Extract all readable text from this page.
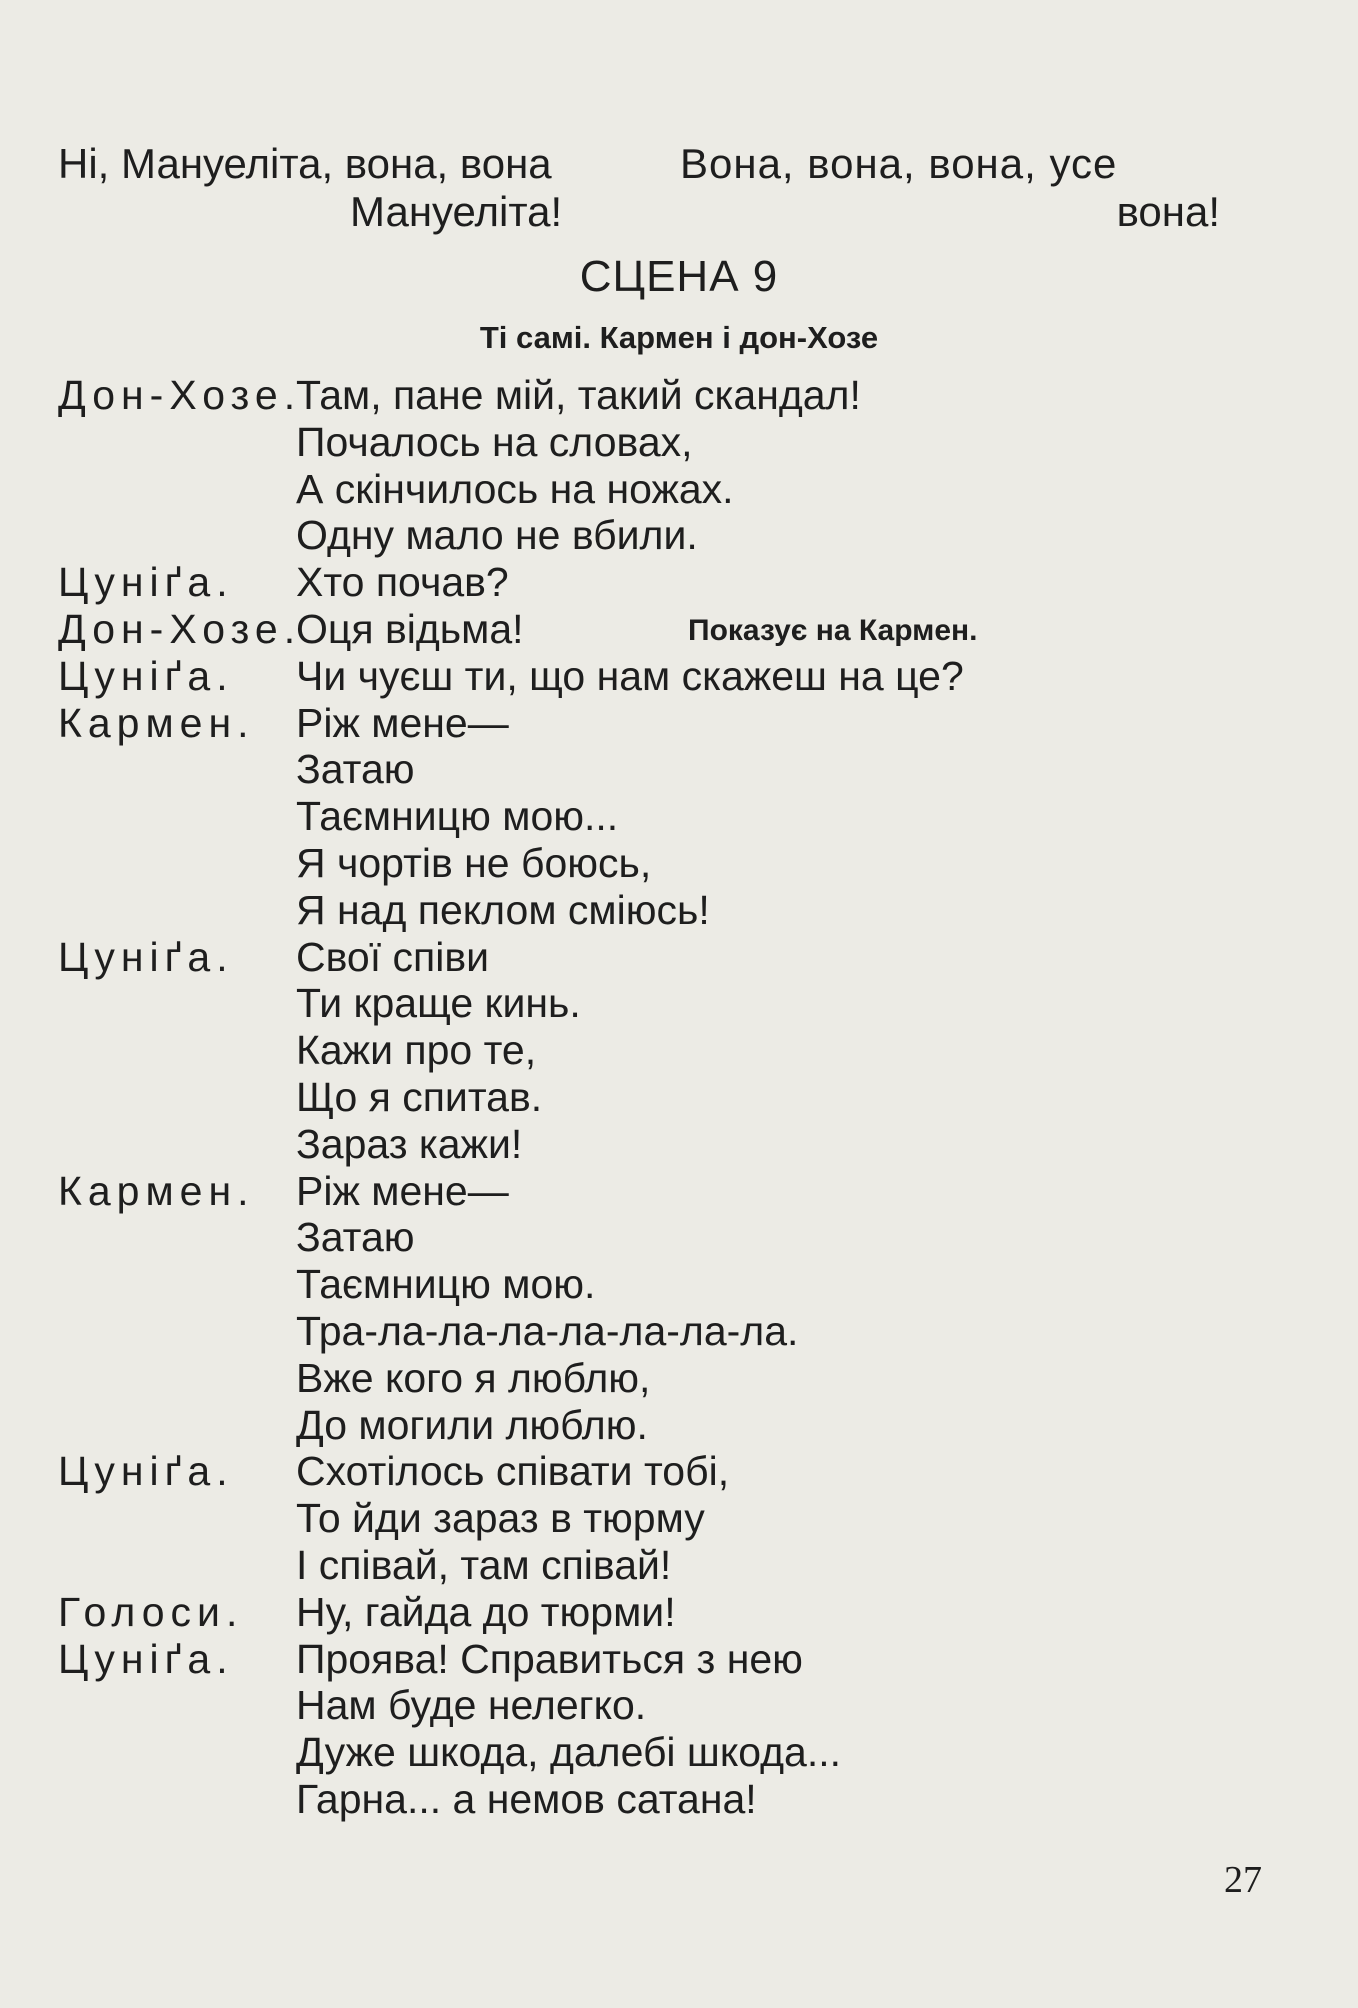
Ні, Мануеліта, вона, вона
Мануеліта!
Вона, вона, вона, усе
вона!
СЦЕНА 9
Ті самі. Кармен і дон-Хозе
Дон-Хозе.
Там, пане мій, такий скандал!
Почалось на словах,
А скінчилось на ножах.
Одну мало не вбили.
Цуніґа. Хто почав?
Дон-Хозе.
Оця відьма!	Показує на Кармен.
Цуніґа. Чи чуєш ти, що нам скажеш на це?
Кармен. Ріж мене—
Затаю
Таємницю мою...
Я чортів не боюсь,
Я над пеклом сміюсь!
Цуніґа. Свої співи
Ти краще кинь.
Кажи про те,
Що я спитав.
Зараз кажи!
Кармен. Ріж мене—
Затаю
Таємницю мою.
Тра-ла-ла-ла-ла-ла-ла-ла.
Вже кого я люблю,
До могили люблю.
Цуніґа. Схотілось співати тобі,
То йди зараз в тюрму
І співай, там співай!
Голоси. Ну, гайда до тюрми!
Цуніґа. Проява! Справиться з нею
Нам буде нелегко.
Дуже шкода, далебі шкода...
Гарна... а немов сатана!
27
